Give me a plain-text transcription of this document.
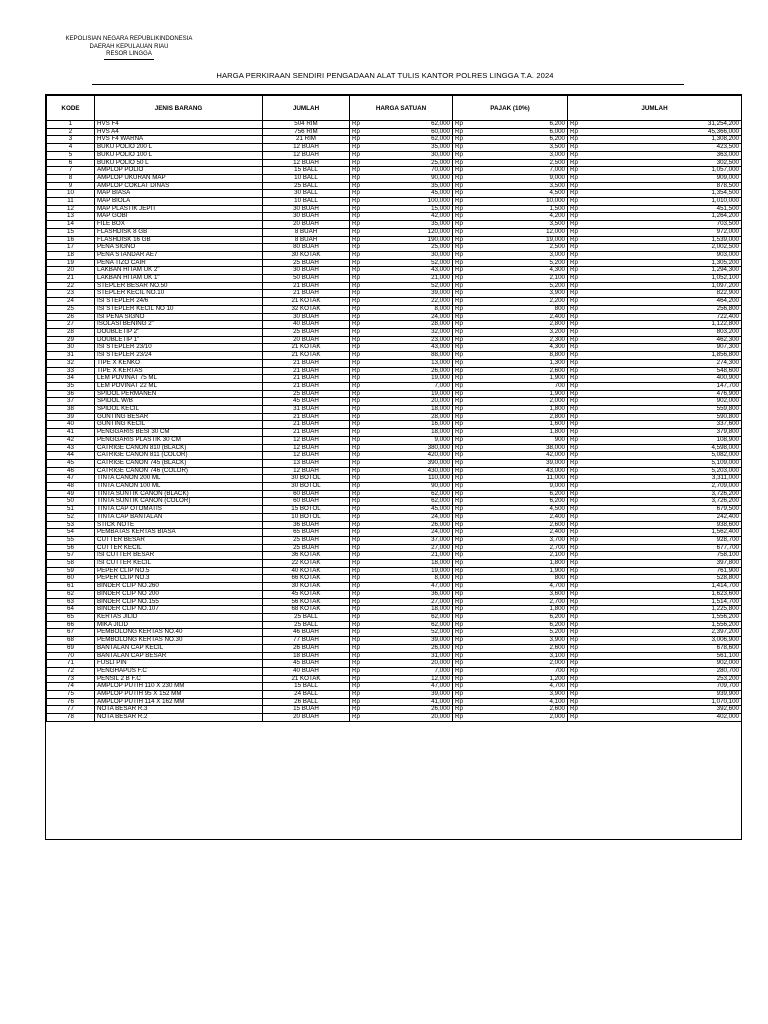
KEPOLISIAN NEGARA REPUBLIKINDONESIA
DAERAH KEPULAUAN RIAU
RESOR LINGGA
HARGA PERKIRAAN SENDIRI PENGADAAN ALAT TULIS KANTOR POLRES LINGGA T.A. 2024
KODE	JENIS BARANG	JUMLAH	HARGA SATUAN		PAJAK (10%)		JUMLAH	
1	HVS F4	504 RIM	Rp	62,000	Rp	6,200	Rp	31,254,200
2	HVS A4	756 RIM	Rp	60,000	Rp	6,000	Rp	45,366,000
3	HVS F4 WARNA	21 RIM	Rp	62,000	Rp	6,200	Rp	1,308,200
4	BUKU POLIO 200 L	12 BUAH	Rp	35,000	Rp	3,500	Rp	423,500
5	BUKU POLIO 100 L	12 BUAH	Rp	30,000	Rp	3,000	Rp	363,000
6	BUKU POLIO 50 L	12 BUAH	Rp	25,000	Rp	2,500	Rp	302,500
7	AMPLOP POLIO	15 BALL	Rp	70,000	Rp	7,000	Rp	1,057,000
8	AMPLOP UKURAN MAP	10 BALL	Rp	90,000	Rp	9,000	Rp	909,000
9	AMPLOP COKLAT DINAS	25 BALL	Rp	35,000	Rp	3,500	Rp	878,500
10	MAP BIASA	30 BALL	Rp	45,000	Rp	4,500	Rp	1,354,500
11	MAP BIOLA	10 BALL	Rp	100,000	Rp	10,000	Rp	1,010,000
12	MAP PLASTIK JEPIT	30 BUAH	Rp	15,000	Rp	1,500	Rp	451,500
13	MAP GOBI	30 BUAH	Rp	42,000	Rp	4,200	Rp	1,264,200
14	FILE BOX	20 BUAH	Rp	35,000	Rp	3,500	Rp	703,500
15	FLASHDISK 8 GB	8 BUAH	Rp	120,000	Rp	12,000	Rp	972,000
16	FLASHDISK 16 GB	8 BUAH	Rp	190,000	Rp	19,000	Rp	1,539,000
17	PENA SIGNO	80 BUAH	Rp	25,000	Rp	2,500	Rp	2,002,500
18	PENA STANDAR AE7	30 KOTAK	Rp	30,000	Rp	3,000	Rp	903,000
19	PENA TIZO CAIR	25 BUAH	Rp	52,000	Rp	5,200	Rp	1,305,200
20	LAKBAN HITAM UK 2"	30 BUAH	Rp	43,000	Rp	4,300	Rp	1,294,300
21	LAKBAN HITAM UK 1"	50 BUAH	Rp	21,000	Rp	2,100	Rp	1,052,100
22	STEPLER BESAR NO.50	21 BUAH	Rp	52,000	Rp	5,200	Rp	1,097,200
23	STEPLER KECIL NO.10	21 BUAH	Rp	39,000	Rp	3,900	Rp	822,900
24	ISI STEPLER 24/6	21 KOTAK	Rp	22,000	Rp	2,200	Rp	464,200
25	ISI STEPLER KECIL NO 10	32 KOTAK	Rp	8,000	Rp	800	Rp	256,800
26	ISI PENA SIGNO	30 BUAH	Rp	24,000	Rp	2,400	Rp	722,400
27	ISOLASI BENING 2"	40 BUAH	Rp	28,000	Rp	2,800	Rp	1,122,800
28	DOUBLETIP 2"	25 BUAH	Rp	32,000	Rp	3,200	Rp	803,200
29	DOUBLETIP 1"	20 BUAH	Rp	23,000	Rp	2,300	Rp	462,300
30	ISI STEPLER 23/10	21 KOTAK	Rp	43,000	Rp	4,300	Rp	907,300
31	ISI STEPLER 23/24	21 KOTAK	Rp	88,000	Rp	8,800	Rp	1,856,800
32	TIPE X KENKO	21 BUAH	Rp	13,000	Rp	1,300	Rp	274,300
33	TIPE X KERTAS	21 BUAH	Rp	26,000	Rp	2,600	Rp	548,600
34	LEM POVINAT 75 ML	21 BUAH	Rp	19,000	Rp	1,900	Rp	400,900
35	LEM POVINAT 22 ML	21 BUAH	Rp	7,000	Rp	700	Rp	147,700
36	SPIDOL PERMANEN	25 BUAH	Rp	19,000	Rp	1,900	Rp	476,900
37	SPIDOL W/B	45 BUAH	Rp	20,000	Rp	2,000	Rp	902,000
38	SPIDOL KECIL	31 BUAH	Rp	18,000	Rp	1,800	Rp	559,800
39	GUNTING BESAR	21 BUAH	Rp	28,000	Rp	2,800	Rp	590,800
40	GUNTING KECIL	21 BUAH	Rp	16,000	Rp	1,600	Rp	337,600
41	PENGGARIS BESI 30 CM	21 BUAH	Rp	18,000	Rp	1,800	Rp	379,800
42	PENGGARIS PLASTIK 30 CM	12 BUAH	Rp	9,000	Rp	900	Rp	108,900
43	CATRIGE CANON 810 (BLACK)	12 BUAH	Rp	380,000	Rp	38,000	Rp	4,598,000
44	CATRIGE CANON 811 (COLOR)	12 BUAH	Rp	420,000	Rp	42,000	Rp	5,082,000
45	CATRIGE CANON 745 (BLACK)	13 BUAH	Rp	390,000	Rp	39,000	Rp	5,109,000
46	CATRIGE CANON 746 (COLOR)	12 BUAH	Rp	430,000	Rp	43,000	Rp	5,203,000
47	TINTA CANON 200 ML	30 BOTOL	Rp	110,000	Rp	11,000	Rp	3,311,000
48	TINTA CANON 100 ML	30 BOTOL	Rp	90,000	Rp	9,000	Rp	2,709,000
49	TINTA SUNTIK CANON (BLACK)	60 BUAH	Rp	62,000	Rp	6,200	Rp	3,726,200
50	TINTA SUNTIK CANON (COLOR)	60 BUAH	Rp	62,000	Rp	6,200	Rp	3,726,200
51	TINTA CAP OTOMATIS	15 BOTOL	Rp	45,000	Rp	4,500	Rp	679,500
52	TINTA CAP BANTALAN	10 BOTOL	Rp	24,000	Rp	2,400	Rp	242,400
53	STICK NOTE	36 BUAH	Rp	26,000	Rp	2,600	Rp	938,600
54	PEMBATAS KERTAS BIASA	65 BUAH	Rp	24,000	Rp	2,400	Rp	1,562,400
55	CUTTER BESAR	25 BUAH	Rp	37,000	Rp	3,700	Rp	928,700
56	CUTTER KECIL	25 BUAH	Rp	27,000	Rp	2,700	Rp	677,700
57	ISI CUTTER BESAR	36 KOTAK	Rp	21,000	Rp	2,100	Rp	758,100
58	ISI CUTTER KECIL	22 KOTAK	Rp	18,000	Rp	1,800	Rp	397,800
59	PEPER CLIP NO.5	40 KOTAK	Rp	19,000	Rp	1,900	Rp	761,900
60	PEPER CLIP NO.3	66 KOTAK	Rp	8,000	Rp	800	Rp	528,800
61	BINDER CLIP NO.260	30 KOTAK	Rp	47,000	Rp	4,700	Rp	1,414,700
62	BINDER CLIP NO 200	45 KOTAK	Rp	36,000	Rp	3,600	Rp	1,623,600
63	BINDER CLIP NO.155	56 KOTAK	Rp	27,000	Rp	2,700	Rp	1,514,700
64	BINDER CLIP NO.107	68 KOTAK	Rp	18,000	Rp	1,800	Rp	1,225,800
65	KERTAS JILID	25 BALL	Rp	62,000	Rp	6,200	Rp	1,556,200
66	MIKA JILID	25 BALL	Rp	62,000	Rp	6,200	Rp	1,556,200
67	PEMBOLONG KERTAS NO.40	46 BUAH	Rp	52,000	Rp	5,200	Rp	2,397,200
68	PEMBOLONG KERTAS NO.30	77 BUAH	Rp	39,000	Rp	3,900	Rp	3,006,900
69	BANTALAN CAP KECIL	26 BUAH	Rp	26,000	Rp	2,600	Rp	678,600
70	BANTALAN CAP BESAR	18 BUAH	Rp	31,000	Rp	3,100	Rp	561,100
71	FUSLI PIN	45 BUAH	Rp	20,000	Rp	2,000	Rp	902,000
72	PENGHAPUS F.C	40 BUAH	Rp	7,000	Rp	700	Rp	280,700
73	PENSIL 2 B F.C	21 KOTAK	Rp	12,000	Rp	1,200	Rp	253,200
74	AMPLOP PUTIH 110 X 230 MM	15 BALL	Rp	47,000	Rp	4,700	Rp	709,700
75	AMPLOP PUTIH 95 X 152 MM	24 BALL	Rp	39,000	Rp	3,900	Rp	939,900
76	AMPLOP PUTIH 114 X 162 MM	26 BALL	Rp	41,000	Rp	4,100	Rp	1,070,100
77	NOTA BESAR R.3	15 BUAH	Rp	26,000	Rp	2,600	Rp	392,600
78	NOTA BESAR R.2	20 BUAH	Rp	20,000	Rp	2,000	Rp	402,000
